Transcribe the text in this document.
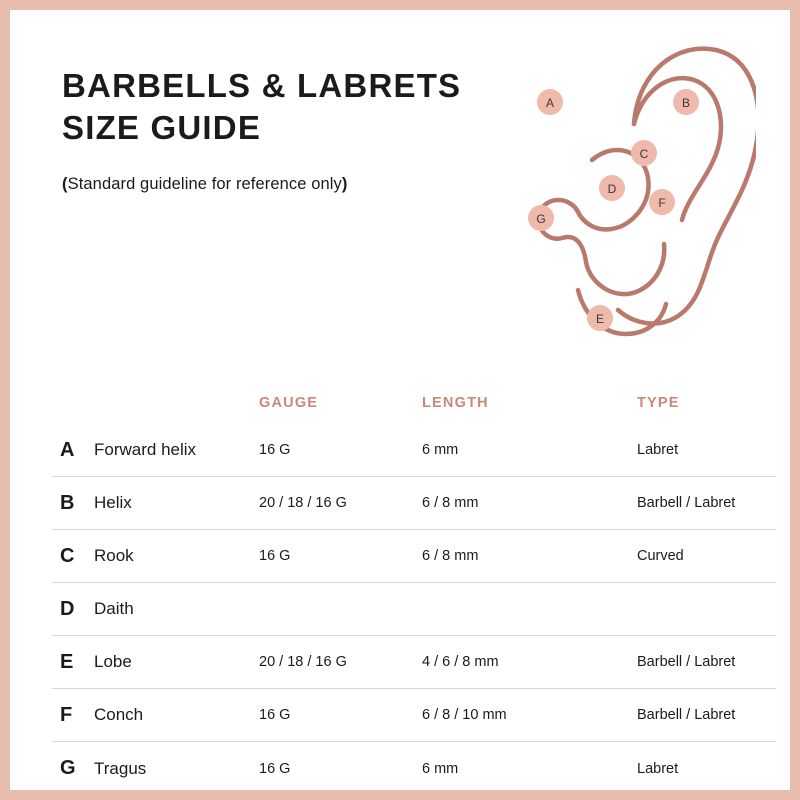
BARBELLS & LABRETS
SIZE GUIDE
(Standard guideline for reference only)
A	B
C
D
F
G
E
GAUGE	LENGTH	TYPE
A	Forward helix	16 G	6 mm	Labret
B	Helix	20 / 18 / 16 G	6 / 8 mm	Barbell / Labret
C	Rook	16 G	6 / 8 mm	Curved
D	Daith
E	Lobe	20 / 18 / 16 G	4 / 6 / 8 mm	Barbell / Labret
F	Conch	16 G	6 / 8 / 10 mm	Barbell / Labret
G	Tragus	16 G	6 mm	Labret
